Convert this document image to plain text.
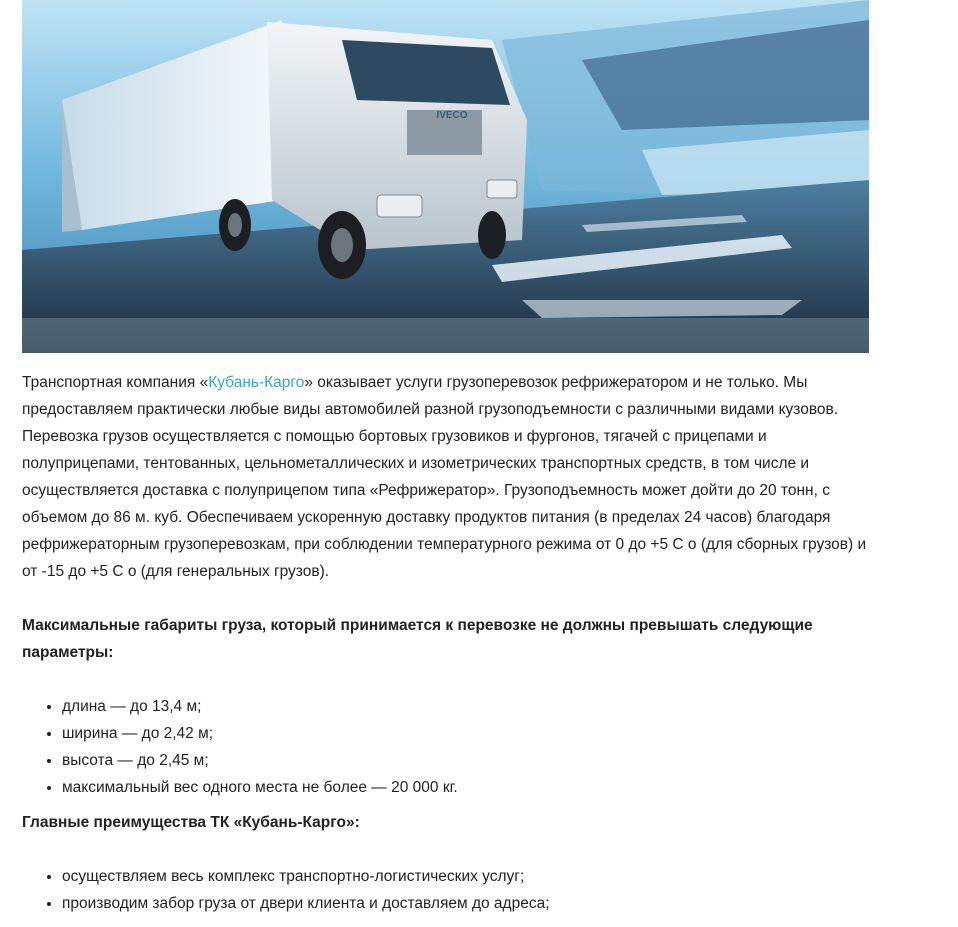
IVECO

Транспортная компания «Кубань-Карго» оказывает услуги грузоперевозок рефрижератором и не только. Мы предоставляем практически любые виды автомобилей разной грузоподъемности с различными видами кузовов. Перевозка грузов осуществляется с помощью бортовых грузовиков и фургонов, тягачей с прицепами и полуприцепами, тентованных, цельнометаллических и изометрических транспортных средств, в том числе и осуществляется доставка с полуприцепом типа «Рефрижератор». Грузоподъемность может дойти до 20 тонн, с объемом до 86 м. куб. Обеспечиваем ускоренную доставку продуктов питания (в пределах 24 часов) благодаря рефрижераторным грузоперевозкам, при соблюдении температурного режима от 0 до +5 С о (для сборных грузов) и от -15 до +5 С о (для генеральных грузов).

Максимальные габариты груза, который принимается к перевозке не должны превышать следующие параметры:

• длина — до 13,4 м;
• ширина — до 2,42 м;
• высота — до 2,45 м;
• максимальный вес одного места не более — 20 000 кг.

Главные преимущества ТК «Кубань-Карго»:

• осуществляем весь комплекс транспортно-логистических услуг;
• производим забор груза от двери клиента и доставляем до адреса;
